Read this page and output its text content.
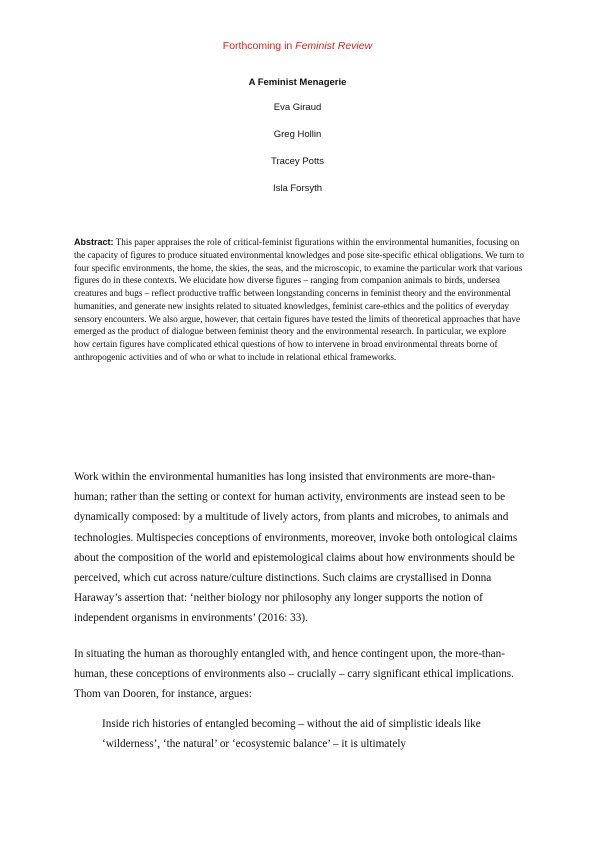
Forthcoming in Feminist Review
A Feminist Menagerie
Eva Giraud
Greg Hollin
Tracey Potts
Isla Forsyth

Abstract: This paper appraises the role of critical-feminist figurations within the environmental humanities, focusing on the capacity of figures to produce situated environmental knowledges and pose site-specific ethical obligations. We turn to four specific environments, the home, the skies, the seas, and the microscopic, to examine the particular work that various figures do in these contexts. We elucidate how diverse figures – ranging from companion animals to birds, undersea creatures and bugs – reflect productive traffic between longstanding concerns in feminist theory and the environmental humanities, and generate new insights related to situated knowledges, feminist care-ethics and the politics of everyday sensory encounters. We also argue, however, that certain figures have tested the limits of theoretical approaches that have emerged as the product of dialogue between feminist theory and the environmental research. In particular, we explore how certain figures have complicated ethical questions of how to intervene in broad environmental threats borne of anthropogenic activities and of who or what to include in relational ethical frameworks.

Work within the environmental humanities has long insisted that environments are more-than-human; rather than the setting or context for human activity, environments are instead seen to be dynamically composed: by a multitude of lively actors, from plants and microbes, to animals and technologies. Multispecies conceptions of environments, moreover, invoke both ontological claims about the composition of the world and epistemological claims about how environments should be perceived, which cut across nature/culture distinctions. Such claims are crystallised in Donna Haraway’s assertion that: ‘neither biology nor philosophy any longer supports the notion of independent organisms in environments’ (2016: 33).

In situating the human as thoroughly entangled with, and hence contingent upon, the more-than-human, these conceptions of environments also – crucially – carry significant ethical implications. Thom van Dooren, for instance, argues:

Inside rich histories of entangled becoming – without the aid of simplistic ideals like ‘wilderness’, ‘the natural’ or ‘ecosystemic balance’ – it is ultimately
